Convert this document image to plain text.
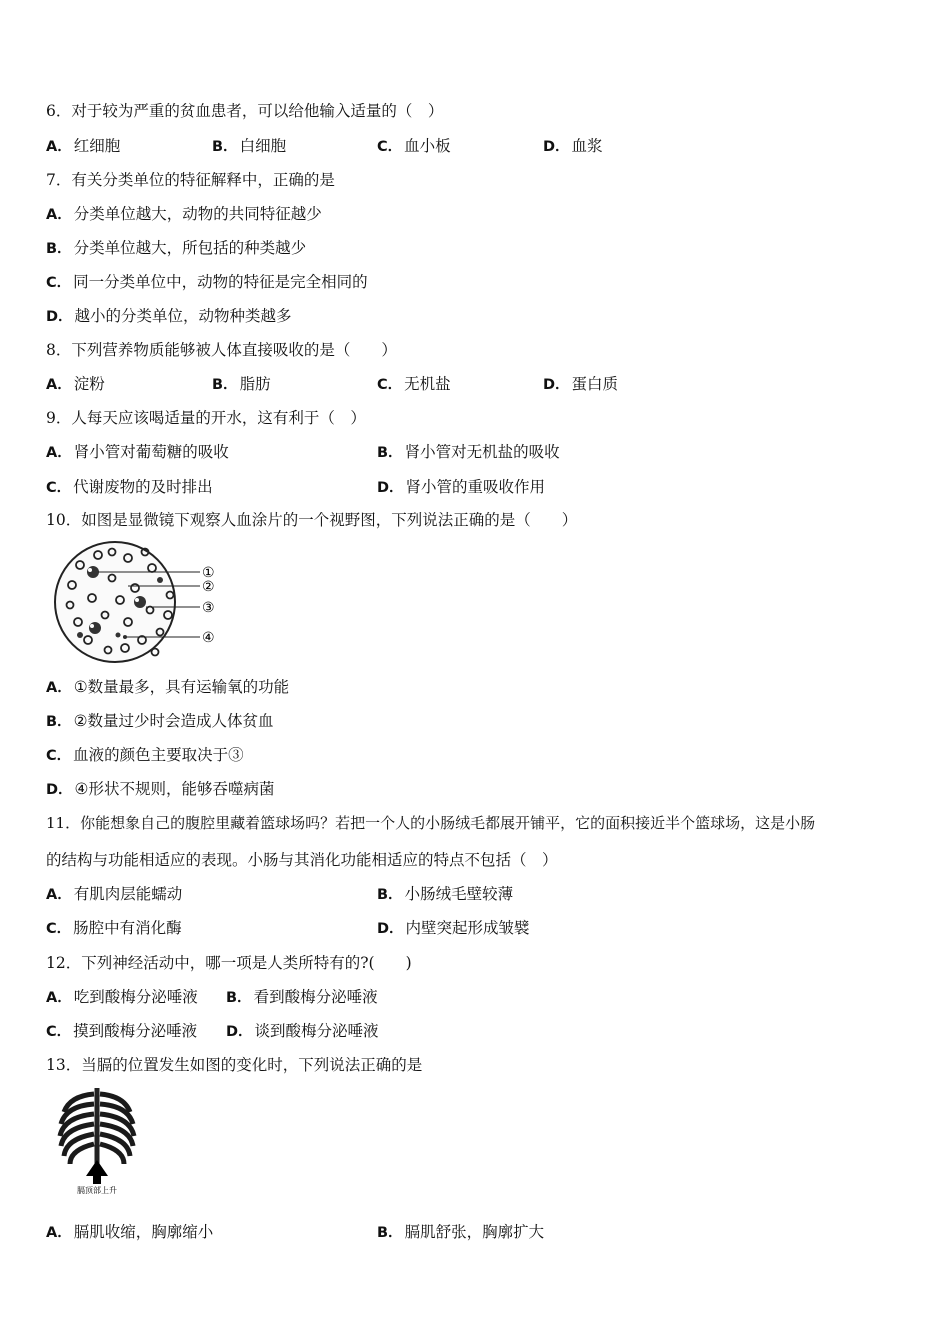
6．对于较为严重的贫血患者，可以给他输入适量的（　）
A． 红细胞	B． 白细胞	C． 血小板	D． 血浆
7．有关分类单位的特征解释中，正确的是
A． 分类单位越大，动物的共同特征越少
B． 分类单位越大，所包括的种类越少
C． 同一分类单位中，动物的特征是完全相同的
D． 越小的分类单位，动物种类越多
8．下列营养物质能够被人体直接吸收的是（　　）
A． 淀粉	B． 脂肪	C． 无机盐	D． 蛋白质
9．人每天应该喝适量的开水，这有利于（　）
A． 肾小管对葡萄糖的吸收	B． 肾小管对无机盐的吸收
C． 代谢废物的及时排出	D． 肾小管的重吸收作用
10．如图是显微镜下观察人血涂片的一个视野图，下列说法正确的是（　　）
①
②
③
④
A． ①数量最多，具有运输氧的功能
B． ②数量过少时会造成人体贫血
C． 血液的颜色主要取决于③
D． ④形状不规则，能够吞噬病菌
11．你能想象自己的腹腔里藏着篮球场吗？若把一个人的小肠绒毛都展开铺平，它的面积接近半个篮球场，这是小肠
的结构与功能相适应的表现。小肠与其消化功能相适应的特点不包括（　）
A． 有肌肉层能蠕动	B． 小肠绒毛壁较薄
C． 肠腔中有消化酶	D． 内壁突起形成皱襞
12．下列神经活动中，哪一项是人类所特有的?(　　)
A． 吃到酸梅分泌唾液 B． 看到酸梅分泌唾液
C． 摸到酸梅分泌唾液 D． 谈到酸梅分泌唾液
13．当膈的位置发生如图的变化时，下列说法正确的是
膈顶部上升
A． 膈肌收缩，胸廓缩小	B． 膈肌舒张，胸廓扩大
